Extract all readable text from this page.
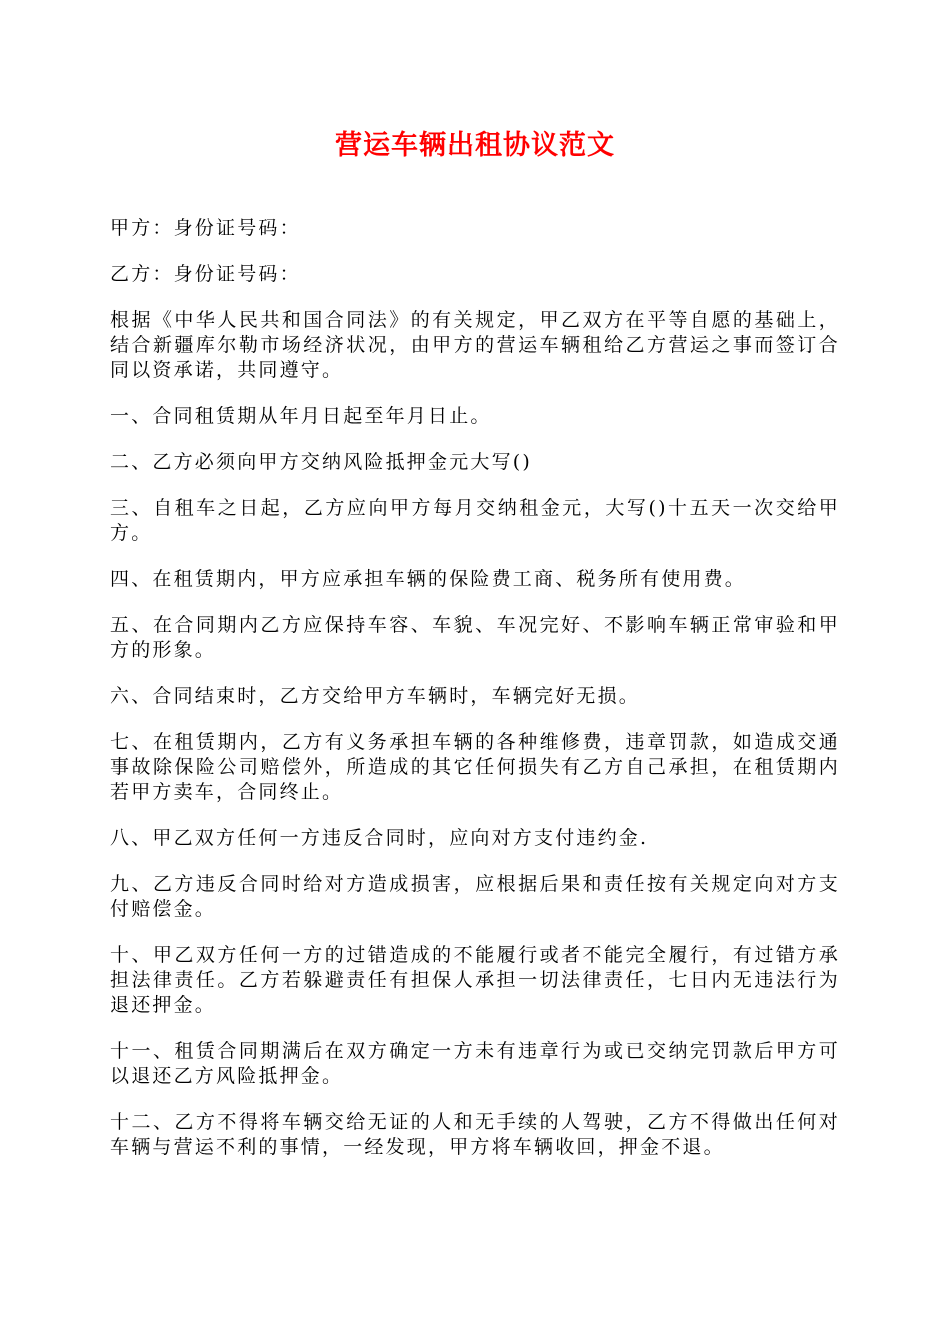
营运车辆出租协议范文

甲方：身份证号码：

乙方：身份证号码：

根据《中华人民共和国合同法》的有关规定，甲乙双方在平等自愿的基础上，结合新疆库尔勒市场经济状况，由甲方的营运车辆租给乙方营运之事而签订合同以资承诺，共同遵守。

一、合同租赁期从年月日起至年月日止。

二、乙方必须向甲方交纳风险抵押金元大写()

三、自租车之日起，乙方应向甲方每月交纳租金元，大写()十五天一次交给甲方。

四、在租赁期内，甲方应承担车辆的保险费工商、税务所有使用费。

五、在合同期内乙方应保持车容、车貌、车况完好、不影响车辆正常审验和甲方的形象。

六、合同结束时，乙方交给甲方车辆时，车辆完好无损。

七、在租赁期内，乙方有义务承担车辆的各种维修费，违章罚款，如造成交通事故除保险公司赔偿外，所造成的其它任何损失有乙方自己承担，在租赁期内若甲方卖车，合同终止。

八、甲乙双方任何一方违反合同时，应向对方支付违约金.

九、乙方违反合同时给对方造成损害，应根据后果和责任按有关规定向对方支付赔偿金。

十、甲乙双方任何一方的过错造成的不能履行或者不能完全履行，有过错方承担法律责任。乙方若躲避责任有担保人承担一切法律责任，七日内无违法行为退还押金。

十一、租赁合同期满后在双方确定一方未有违章行为或已交纳完罚款后甲方可以退还乙方风险抵押金。

十二、乙方不得将车辆交给无证的人和无手续的人驾驶，乙方不得做出任何对车辆与营运不利的事情，一经发现，甲方将车辆收回，押金不退。
